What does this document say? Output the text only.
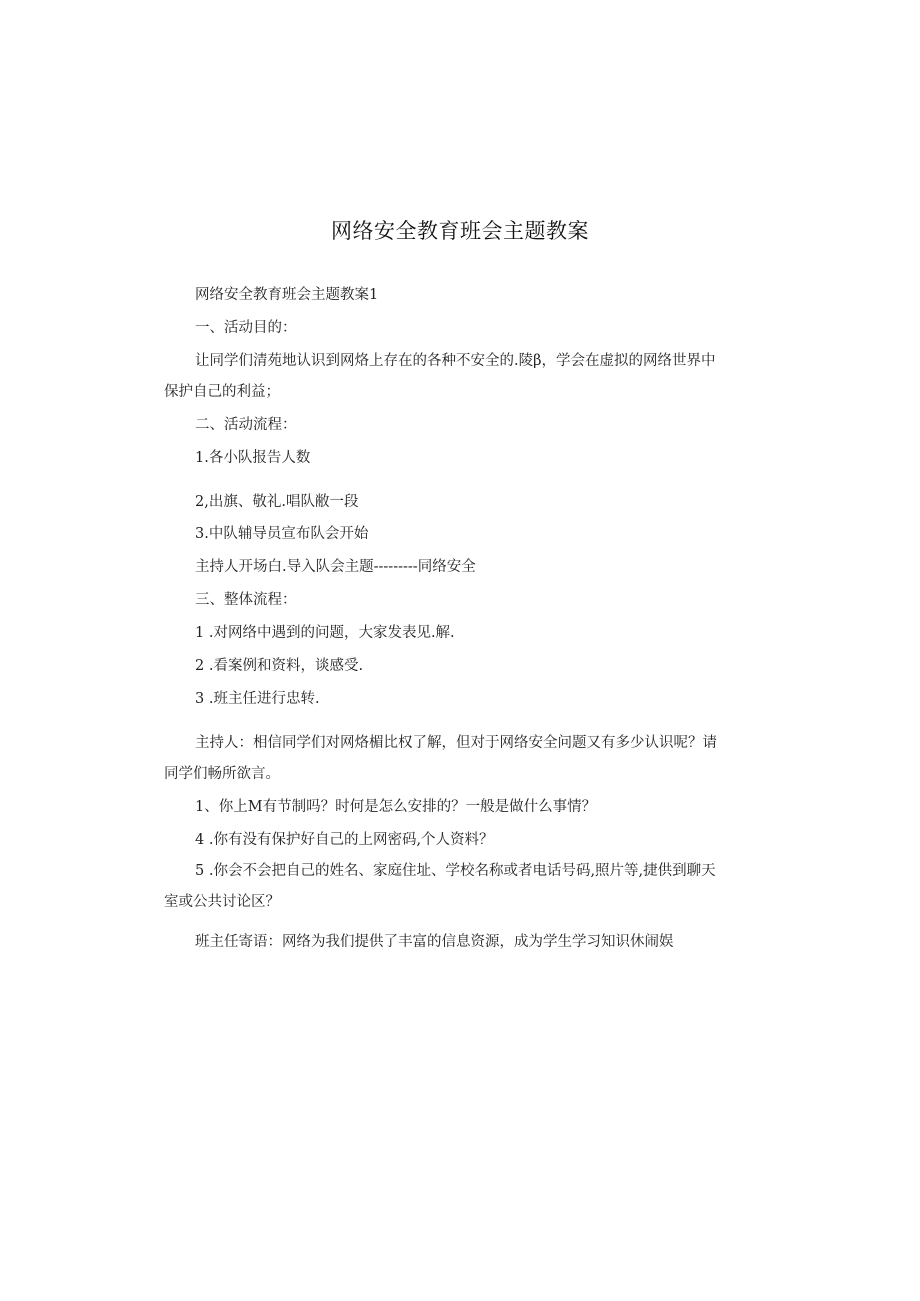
网络安全教育班会主题教案
网络安全教育班会主题教案1
一、活动目的：
让同学们清苑地认识到网烙上存在的各种不安全的.陵β，学会在虚拟的网络世界中
保护自己的利益；
二、活动流程：
1.各小队报告人数
2,出旗、敬礼.唱队敝一段
3.中队辅导员宣布队会开始
主持人开场白.导入队会主题---------同络安全
三、整体流程：
1 .对网络中遇到的问题，大家发表见.解.
2 .看案例和资料，谈感受.
3 .班主任进行忠转.
主持人：相信同学们对网烙楣比权了解，但对于网络安全问题又有多少认识呢？请
同学们畅所欲言。
1、你上M有节制吗？时何是怎么安排的？一般是做什么事情？
4 .你有没有保护好自己的上网密码,个人资料？
5 .你会不会把自己的姓名、家庭住址、学校名称或者电话号码,照片等,捷供到聊天
室或公共讨论区？
班主任寄语：网络为我们提供了丰富的信息资源，成为学生学习知识休闹娱
